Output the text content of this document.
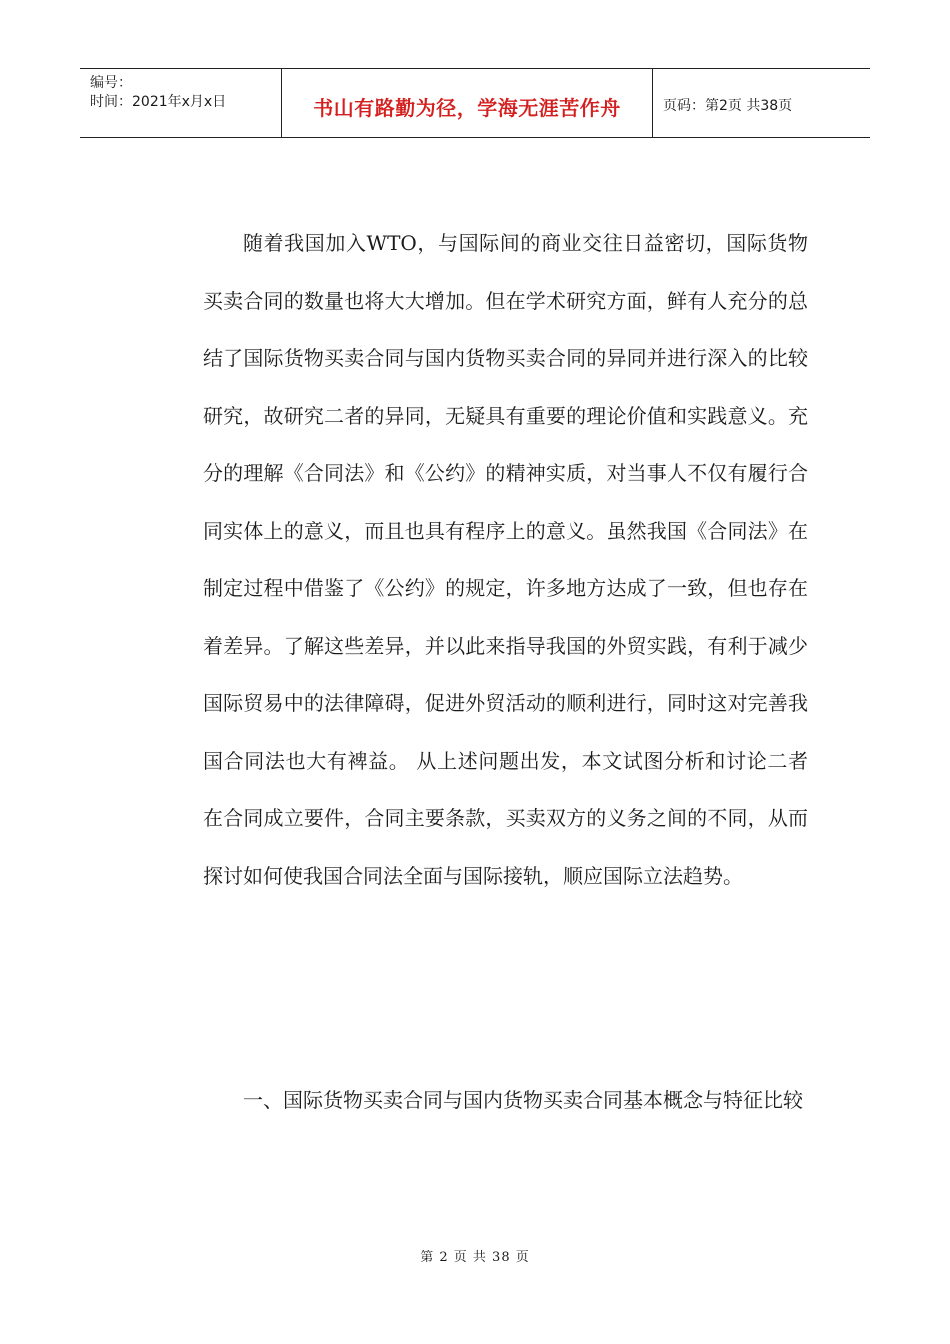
编号：
时间：2021年x月x日	书山有路勤为径，学海无涯苦作舟	页码：第2页 共38页

随着我国加入WTO，与国际间的商业交往日益密切，国际货物买卖合同的数量也将大大增加。但在学术研究方面，鲜有人充分的总结了国际货物买卖合同与国内货物买卖合同的异同并进行深入的比较研究，故研究二者的异同，无疑具有重要的理论价值和实践意义。充分的理解《合同法》和《公约》的精神实质，对当事人不仅有履行合同实体上的意义，而且也具有程序上的意义。虽然我国《合同法》在制定过程中借鉴了《公约》的规定，许多地方达成了一致，但也存在着差异。了解这些差异，并以此来指导我国的外贸实践，有利于减少国际贸易中的法律障碍，促进外贸活动的顺利进行，同时这对完善我国合同法也大有裨益。 从上述问题出发，本文试图分析和讨论二者在合同成立要件，合同主要条款，买卖双方的义务之间的不同，从而探讨如何使我国合同法全面与国际接轨，顺应国际立法趋势。

一、国际货物买卖合同与国内货物买卖合同基本概念与特征比较

第 2 页 共 38 页
